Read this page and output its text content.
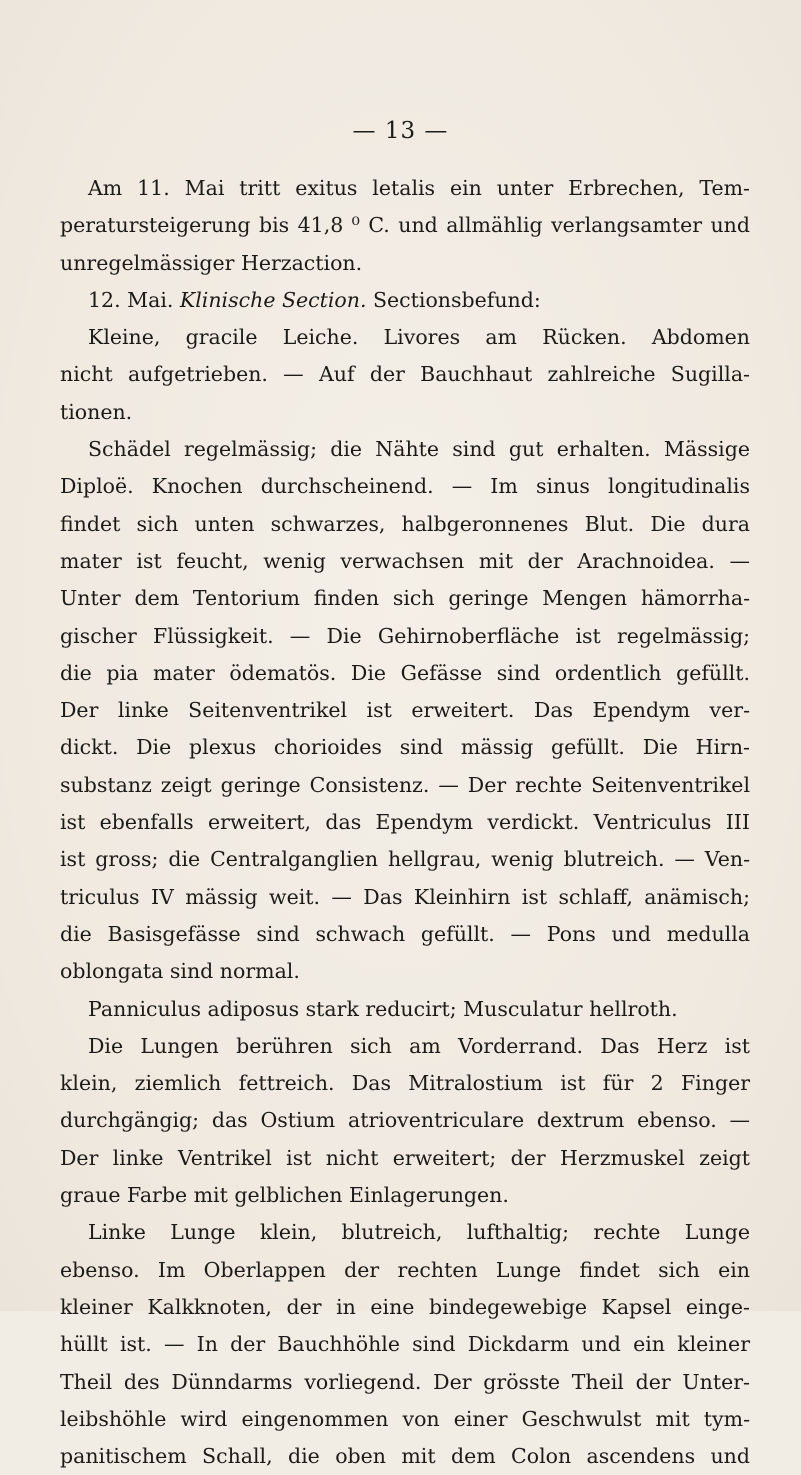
— 13 —
Am 11. Mai tritt exitus letalis ein unter Erbrechen, Tem-
peratursteigerung bis 41,8 ⁰ C. und allmählig verlangsamter und
unregelmässiger Herzaction.
12. Mai. Klinische Section. Sectionsbefund:
Kleine, gracile Leiche. Livores am Rücken. Abdomen
nicht aufgetrieben. — Auf der Bauchhaut zahlreiche Sugilla-
tionen.
Schädel regelmässig; die Nähte sind gut erhalten. Mässige
Diploë. Knochen durchscheinend. — Im sinus longitudinalis
findet sich unten schwarzes, halbgeronnenes Blut. Die dura
mater ist feucht, wenig verwachsen mit der Arachnoidea. —
Unter dem Tentorium finden sich geringe Mengen hämorrha-
gischer Flüssigkeit. — Die Gehirnoberfläche ist regelmässig;
die pia mater ödematös. Die Gefässe sind ordentlich gefüllt.
Der linke Seitenventrikel ist erweitert. Das Ependym ver-
dickt. Die plexus chorioides sind mässig gefüllt. Die Hirn-
substanz zeigt geringe Consistenz. — Der rechte Seitenventrikel
ist ebenfalls erweitert, das Ependym verdickt. Ventriculus III
ist gross; die Centralganglien hellgrau, wenig blutreich. — Ven-
triculus IV mässig weit. — Das Kleinhirn ist schlaff, anämisch;
die Basisgefässe sind schwach gefüllt. — Pons und medulla
oblongata sind normal.
Panniculus adiposus stark reducirt; Musculatur hellroth.
Die Lungen berühren sich am Vorderrand. Das Herz ist
klein, ziemlich fettreich. Das Mitralostium ist für 2 Finger
durchgängig; das Ostium atrioventriculare dextrum ebenso. —
Der linke Ventrikel ist nicht erweitert; der Herzmuskel zeigt
graue Farbe mit gelblichen Einlagerungen.
Linke Lunge klein, blutreich, lufthaltig; rechte Lunge
ebenso. Im Oberlappen der rechten Lunge findet sich ein
kleiner Kalkknoten, der in eine bindegewebige Kapsel einge-
hüllt ist. — In der Bauchhöhle sind Dickdarm und ein kleiner
Theil des Dünndarms vorliegend. Der grösste Theil der Unter-
leibshöhle wird eingenommen von einer Geschwulst mit tym-
panitischem Schall, die oben mit dem Colon ascendens und
